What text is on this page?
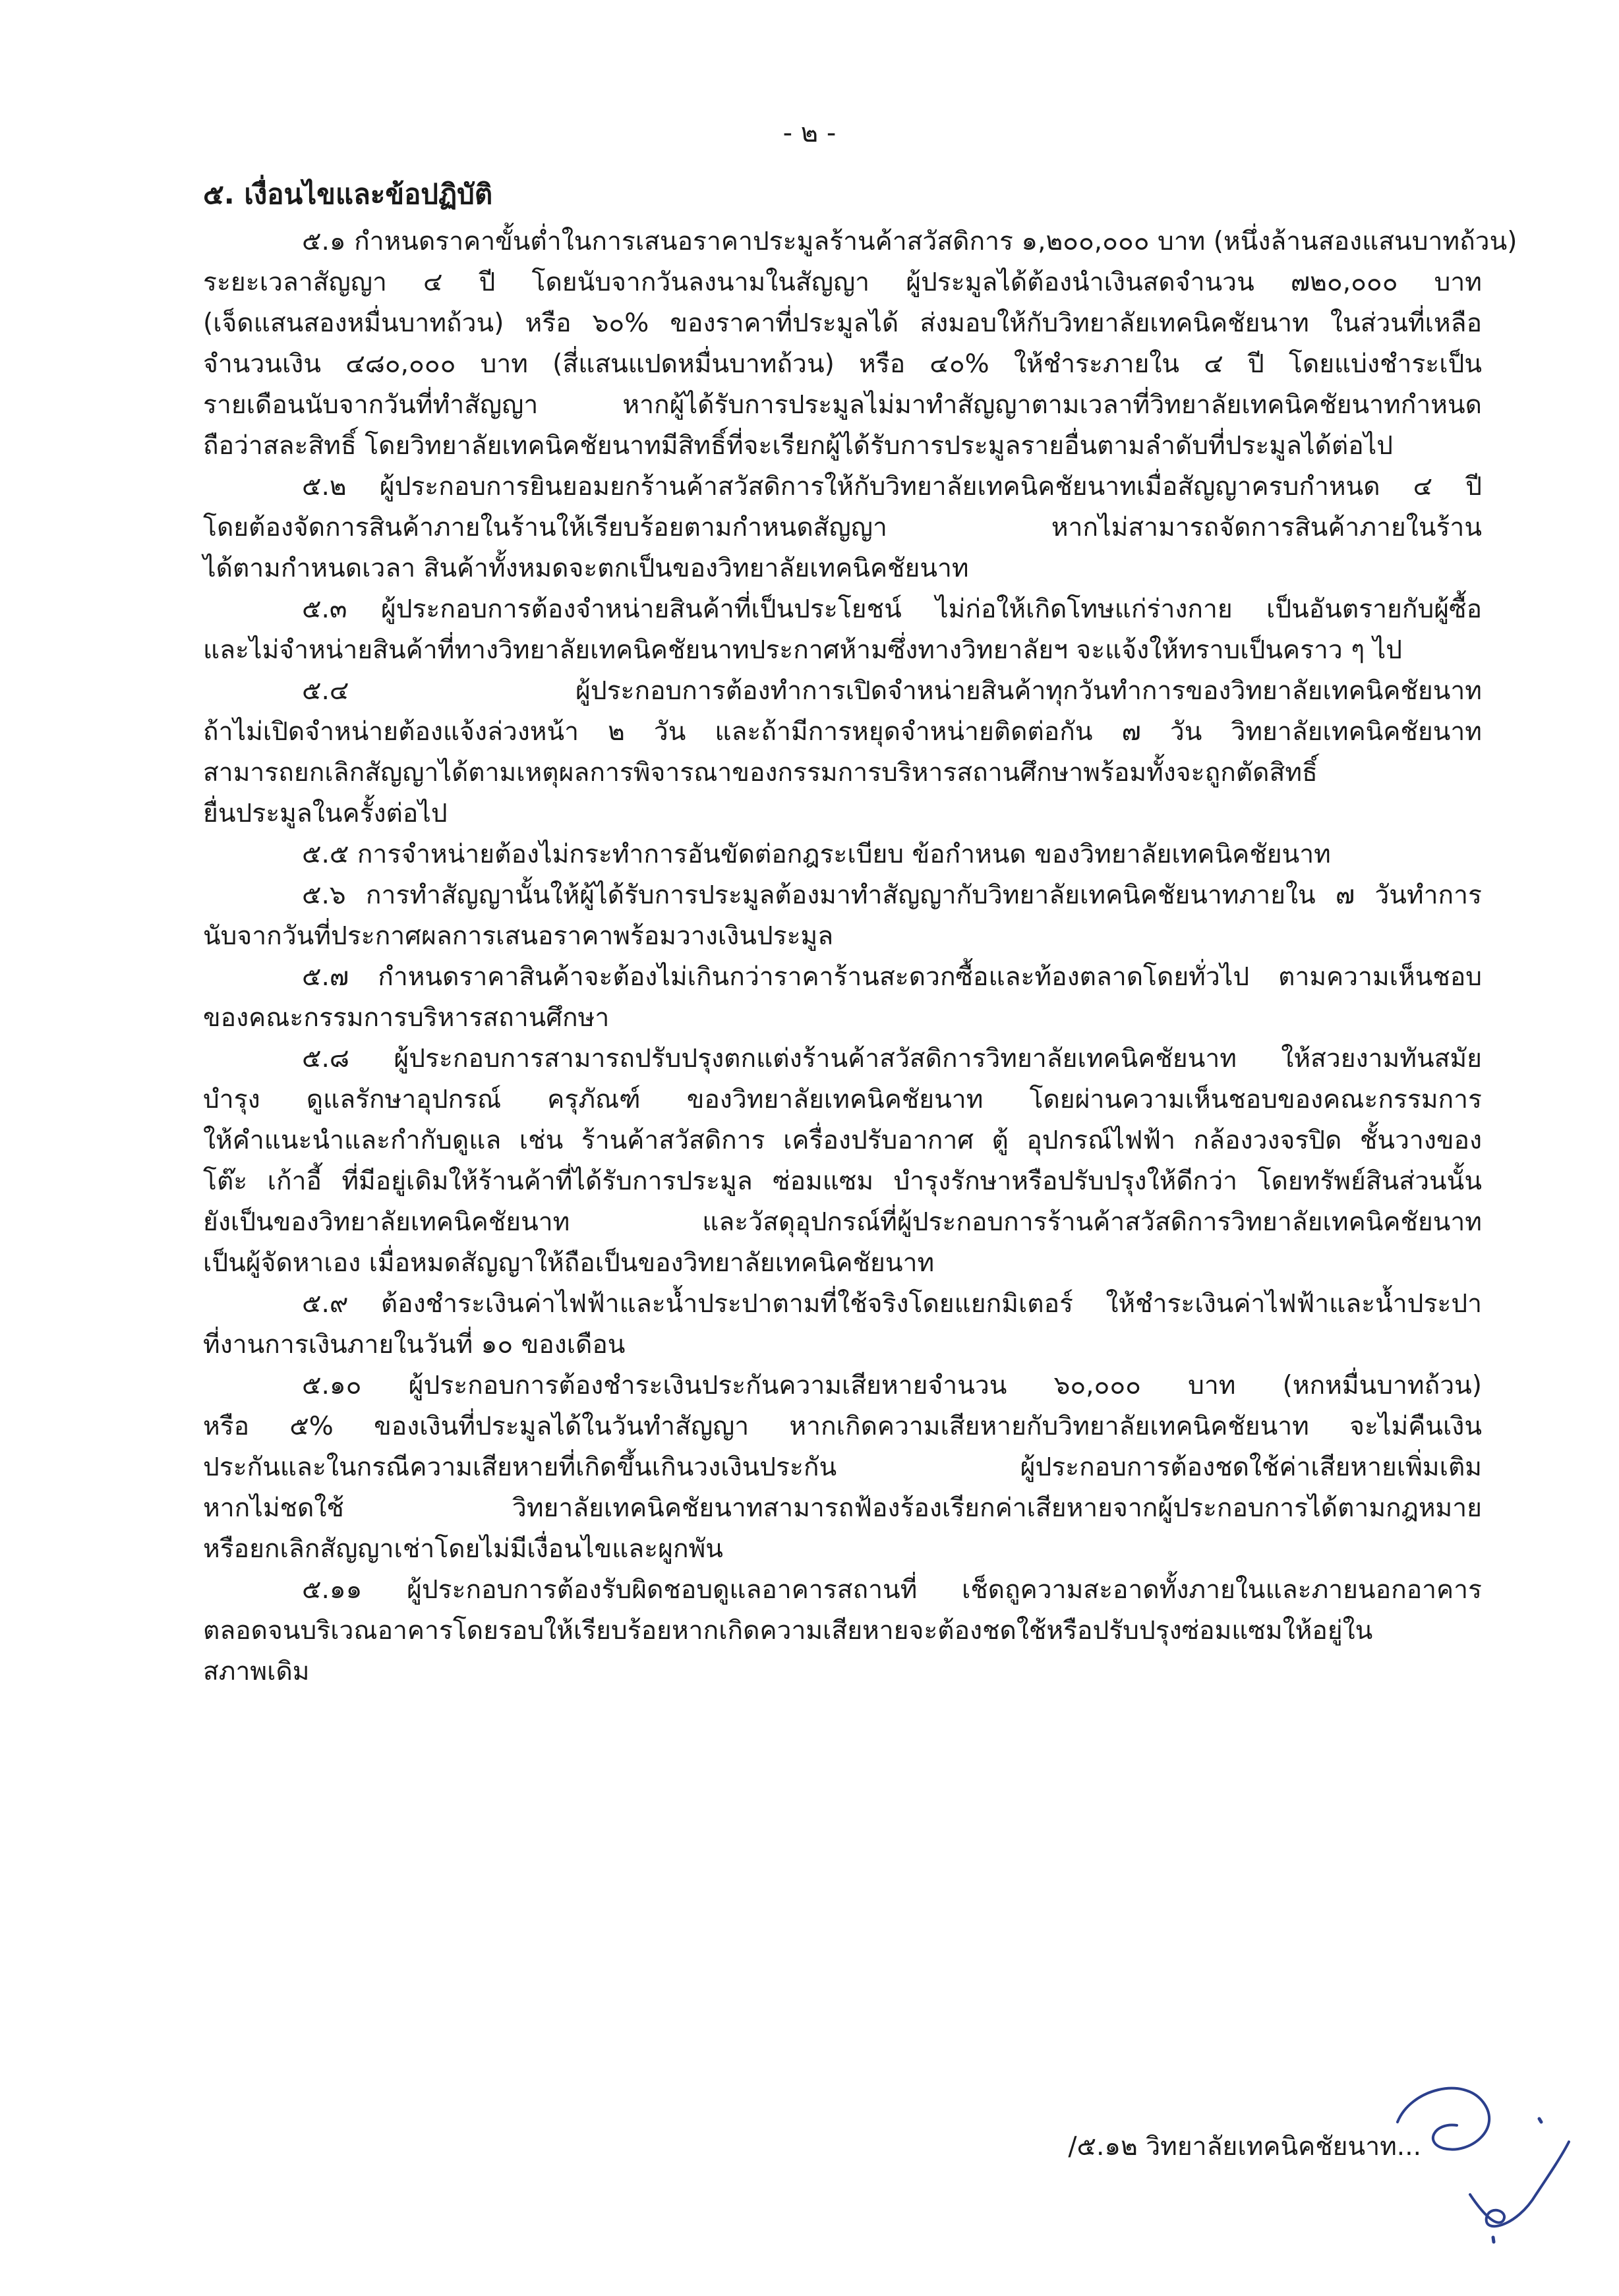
- ๒ -
๕. เงื่อนไขและข้อปฏิบัติ
๕.๑ กำหนดราคาขั้นต่ำในการเสนอราคาประมูลร้านค้าสวัสดิการ ๑,๒๐๐,๐๐๐ บาท (หนึ่งล้านสองแสนบาทถ้วน)
ระยะเวลาสัญญา ๔ ปี โดยนับจากวันลงนามในสัญญา ผู้ประมูลได้ต้องนำเงินสดจำนวน ๗๒๐,๐๐๐ บาท
(เจ็ดแสนสองหมื่นบาทถ้วน) หรือ ๖๐% ของราคาที่ประมูลได้ ส่งมอบให้กับวิทยาลัยเทคนิคชัยนาท ในส่วนที่เหลือ
จำนวนเงิน ๔๘๐,๐๐๐ บาท (สี่แสนแปดหมื่นบาทถ้วน) หรือ ๔๐% ให้ชำระภายใน ๔ ปี โดยแบ่งชำระเป็น
รายเดือนนับจากวันที่ทำสัญญา หากผู้ได้รับการประมูลไม่มาทำสัญญาตามเวลาที่วิทยาลัยเทคนิคชัยนาทกำหนด
ถือว่าสละสิทธิ์ โดยวิทยาลัยเทคนิคชัยนาทมีสิทธิ์ที่จะเรียกผู้ได้รับการประมูลรายอื่นตามลำดับที่ประมูลได้ต่อไป
๕.๒ ผู้ประกอบการยินยอมยกร้านค้าสวัสดิการให้กับวิทยาลัยเทคนิคชัยนาทเมื่อสัญญาครบกำหนด ๔ ปี
โดยต้องจัดการสินค้าภายในร้านให้เรียบร้อยตามกำหนดสัญญา หากไม่สามารถจัดการสินค้าภายในร้าน
ได้ตามกำหนดเวลา สินค้าทั้งหมดจะตกเป็นของวิทยาลัยเทคนิคชัยนาท
๕.๓ ผู้ประกอบการต้องจำหน่ายสินค้าที่เป็นประโยชน์ ไม่ก่อให้เกิดโทษแก่ร่างกาย เป็นอันตรายกับผู้ซื้อ
และไม่จำหน่ายสินค้าที่ทางวิทยาลัยเทคนิคชัยนาทประกาศห้ามซึ่งทางวิทยาลัยฯ จะแจ้งให้ทราบเป็นคราว ๆ ไป
๕.๔ ผู้ประกอบการต้องทำการเปิดจำหน่ายสินค้าทุกวันทำการของวิทยาลัยเทคนิคชัยนาท
ถ้าไม่เปิดจำหน่ายต้องแจ้งล่วงหน้า ๒ วัน และถ้ามีการหยุดจำหน่ายติดต่อกัน ๗ วัน วิทยาลัยเทคนิคชัยนาท
สามารถยกเลิกสัญญาได้ตามเหตุผลการพิจารณาของกรรมการบริหารสถานศึกษาพร้อมทั้งจะถูกตัดสิทธิ์
ยื่นประมูลในครั้งต่อไป
๕.๕ การจำหน่ายต้องไม่กระทำการอันขัดต่อกฎระเบียบ ข้อกำหนด ของวิทยาลัยเทคนิคชัยนาท
๕.๖ การทำสัญญานั้นให้ผู้ได้รับการประมูลต้องมาทำสัญญากับวิทยาลัยเทคนิคชัยนาทภายใน ๗ วันทำการ
นับจากวันที่ประกาศผลการเสนอราคาพร้อมวางเงินประมูล
๕.๗ กำหนดราคาสินค้าจะต้องไม่เกินกว่าราคาร้านสะดวกซื้อและท้องตลาดโดยทั่วไป ตามความเห็นชอบ
ของคณะกรรมการบริหารสถานศึกษา
๕.๘ ผู้ประกอบการสามารถปรับปรุงตกแต่งร้านค้าสวัสดิการวิทยาลัยเทคนิคชัยนาท ให้สวยงามทันสมัย
บำรุง ดูแลรักษาอุปกรณ์ ครุภัณฑ์ ของวิทยาลัยเทคนิคชัยนาท โดยผ่านความเห็นชอบของคณะกรรมการ
ให้คำแนะนำและกำกับดูแล เช่น ร้านค้าสวัสดิการ เครื่องปรับอากาศ ตู้ อุปกรณ์ไฟฟ้า กล้องวงจรปิด ชั้นวางของ
โต๊ะ เก้าอี้ ที่มีอยู่เดิมให้ร้านค้าที่ได้รับการประมูล ซ่อมแซม บำรุงรักษาหรือปรับปรุงให้ดีกว่า โดยทรัพย์สินส่วนนั้น
ยังเป็นของวิทยาลัยเทคนิคชัยนาท และวัสดุอุปกรณ์ที่ผู้ประกอบการร้านค้าสวัสดิการวิทยาลัยเทคนิคชัยนาท
เป็นผู้จัดหาเอง เมื่อหมดสัญญาให้ถือเป็นของวิทยาลัยเทคนิคชัยนาท
๕.๙ ต้องชำระเงินค่าไฟฟ้าและน้ำประปาตามที่ใช้จริงโดยแยกมิเตอร์ ให้ชำระเงินค่าไฟฟ้าและน้ำประปา
ที่งานการเงินภายในวันที่ ๑๐ ของเดือน
๕.๑๐ ผู้ประกอบการต้องชำระเงินประกันความเสียหายจำนวน ๖๐,๐๐๐ บาท (หกหมื่นบาทถ้วน)
หรือ ๕% ของเงินที่ประมูลได้ในวันทำสัญญา หากเกิดความเสียหายกับวิทยาลัยเทคนิคชัยนาท จะไม่คืนเงิน
ประกันและในกรณีความเสียหายที่เกิดขึ้นเกินวงเงินประกัน ผู้ประกอบการต้องชดใช้ค่าเสียหายเพิ่มเติม
หากไม่ชดใช้ วิทยาลัยเทคนิคชัยนาทสามารถฟ้องร้องเรียกค่าเสียหายจากผู้ประกอบการได้ตามกฎหมาย
หรือยกเลิกสัญญาเช่าโดยไม่มีเงื่อนไขและผูกพัน
๕.๑๑ ผู้ประกอบการต้องรับผิดชอบดูแลอาคารสถานที่ เช็ดถูความสะอาดทั้งภายในและภายนอกอาคาร
ตลอดจนบริเวณอาคารโดยรอบให้เรียบร้อยหากเกิดความเสียหายจะต้องชดใช้หรือปรับปรุงซ่อมแซมให้อยู่ใน
สภาพเดิม
/๕.๑๒ วิทยาลัยเทคนิคชัยนาท...
